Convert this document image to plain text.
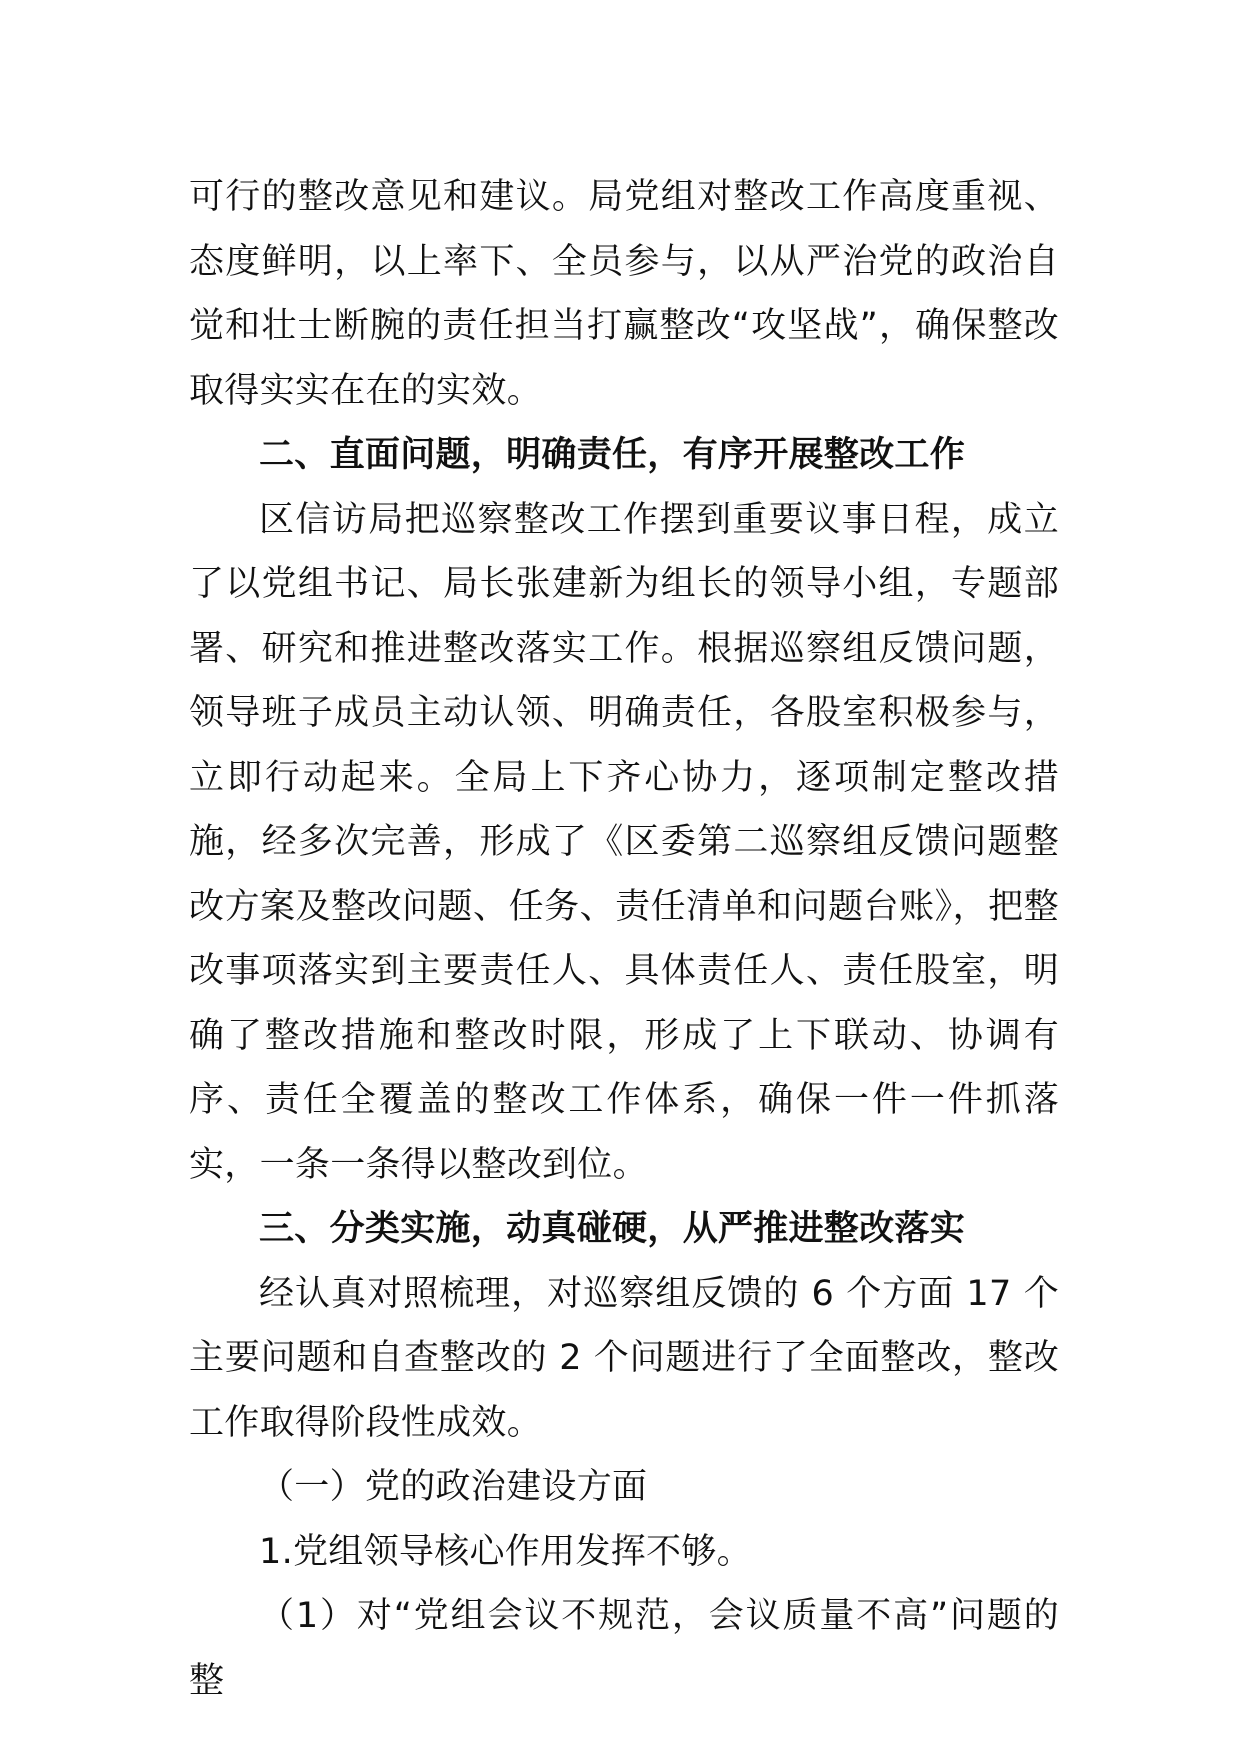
可行的整改意见和建议。局党组对整改工作高度重视、态度鲜明，以上率下、全员参与，以从严治党的政治自觉和壮士断腕的责任担当打赢整改“攻坚战”，确保整改取得实实在在的实效。

二、直面问题，明确责任，有序开展整改工作

区信访局把巡察整改工作摆到重要议事日程，成立了以党组书记、局长张建新为组长的领导小组，专题部署、研究和推进整改落实工作。根据巡察组反馈问题，领导班子成员主动认领、明确责任，各股室积极参与，立即行动起来。全局上下齐心协力，逐项制定整改措施，经多次完善，形成了《区委第二巡察组反馈问题整改方案及整改问题、任务、责任清单和问题台账》，把整改事项落实到主要责任人、具体责任人、责任股室，明确了整改措施和整改时限，形成了上下联动、协调有序、责任全覆盖的整改工作体系，确保一件一件抓落实，一条一条得以整改到位。

三、分类实施，动真碰硬，从严推进整改落实

经认真对照梳理，对巡察组反馈的 6 个方面 17 个主要问题和自查整改的 2 个问题进行了全面整改，整改工作取得阶段性成效。

（一）党的政治建设方面

1.党组领导核心作用发挥不够。

（1）对“党组会议不规范，会议质量不高”问题的整
